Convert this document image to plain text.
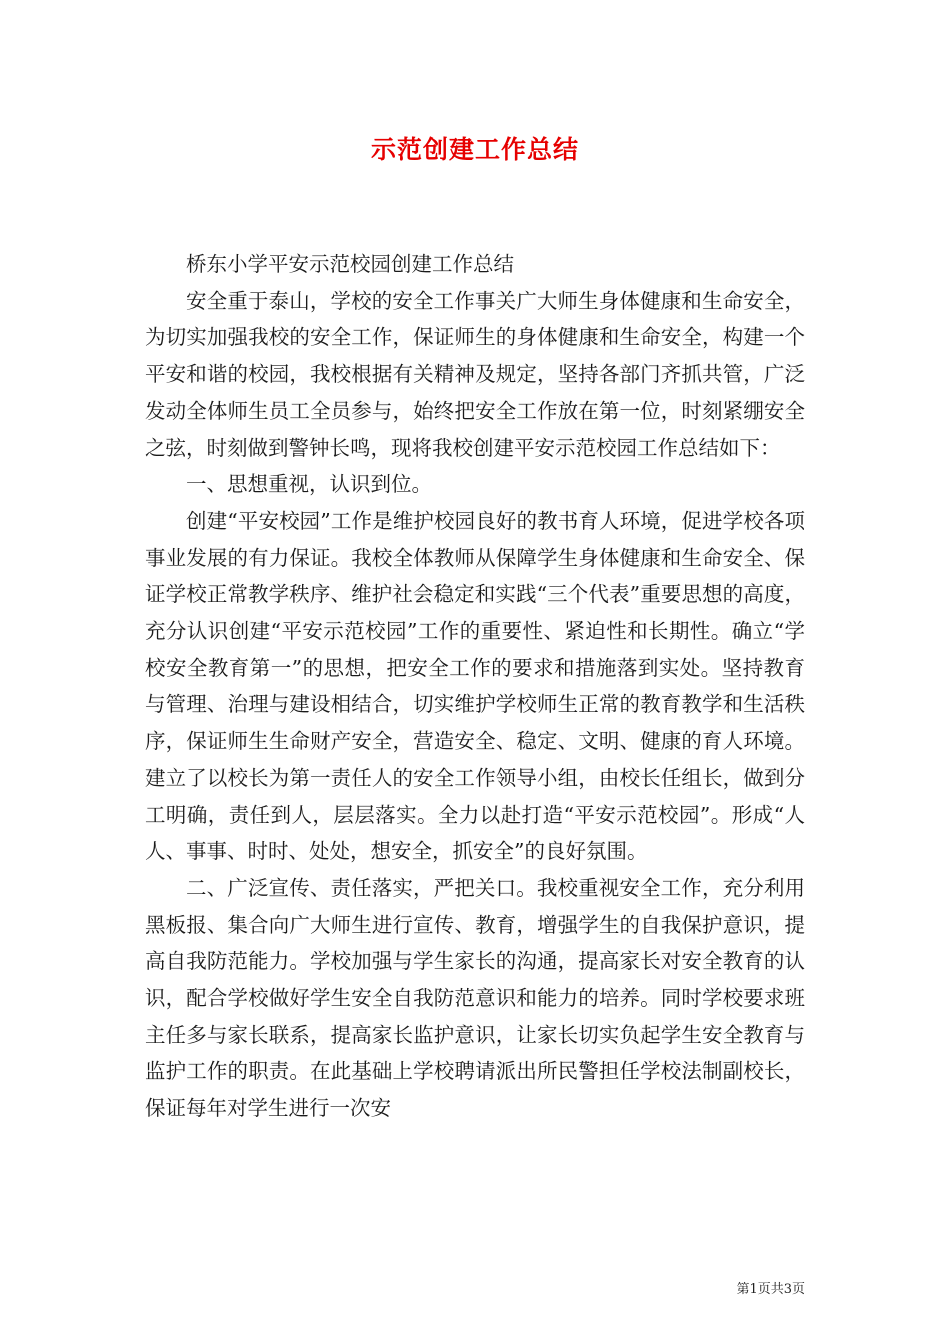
示范创建工作总结

桥东小学平安示范校园创建工作总结

安全重于泰山，学校的安全工作事关广大师生身体健康和生命安全，为切实加强我校的安全工作，保证师生的身体健康和生命安全，构建一个平安和谐的校园，我校根据有关精神及规定，坚持各部门齐抓共管，广泛发动全体师生员工全员参与，始终把安全工作放在第一位，时刻紧绷安全之弦，时刻做到警钟长鸣，现将我校创建平安示范校园工作总结如下：

一、思想重视，认识到位。

创建“平安校园”工作是维护校园良好的教书育人环境，促进学校各项事业发展的有力保证。我校全体教师从保障学生身体健康和生命安全、保证学校正常教学秩序、维护社会稳定和实践“三个代表”重要思想的高度，充分认识创建“平安示范校园”工作的重要性、紧迫性和长期性。确立“学校安全教育第一”的思想，把安全工作的要求和措施落到实处。坚持教育与管理、治理与建设相结合，切实维护学校师生正常的教育教学和生活秩序，保证师生生命财产安全，营造安全、稳定、文明、健康的育人环境。建立了以校长为第一责任人的安全工作领导小组，由校长任组长，做到分工明确，责任到人，层层落实。全力以赴打造“平安示范校园”。形成“人人、事事、时时、处处，想安全，抓安全”的良好氛围。

二、广泛宣传、责任落实，严把关口。我校重视安全工作，充分利用黑板报、集合向广大师生进行宣传、教育，增强学生的自我保护意识，提高自我防范能力。学校加强与学生家长的沟通，提高家长对安全教育的认识，配合学校做好学生安全自我防范意识和能力的培养。同时学校要求班主任多与家长联系，提高家长监护意识，让家长切实负起学生安全教育与监护工作的职责。在此基础上学校聘请派出所民警担任学校法制副校长，保证每年对学生进行一次安

第1页共3页
